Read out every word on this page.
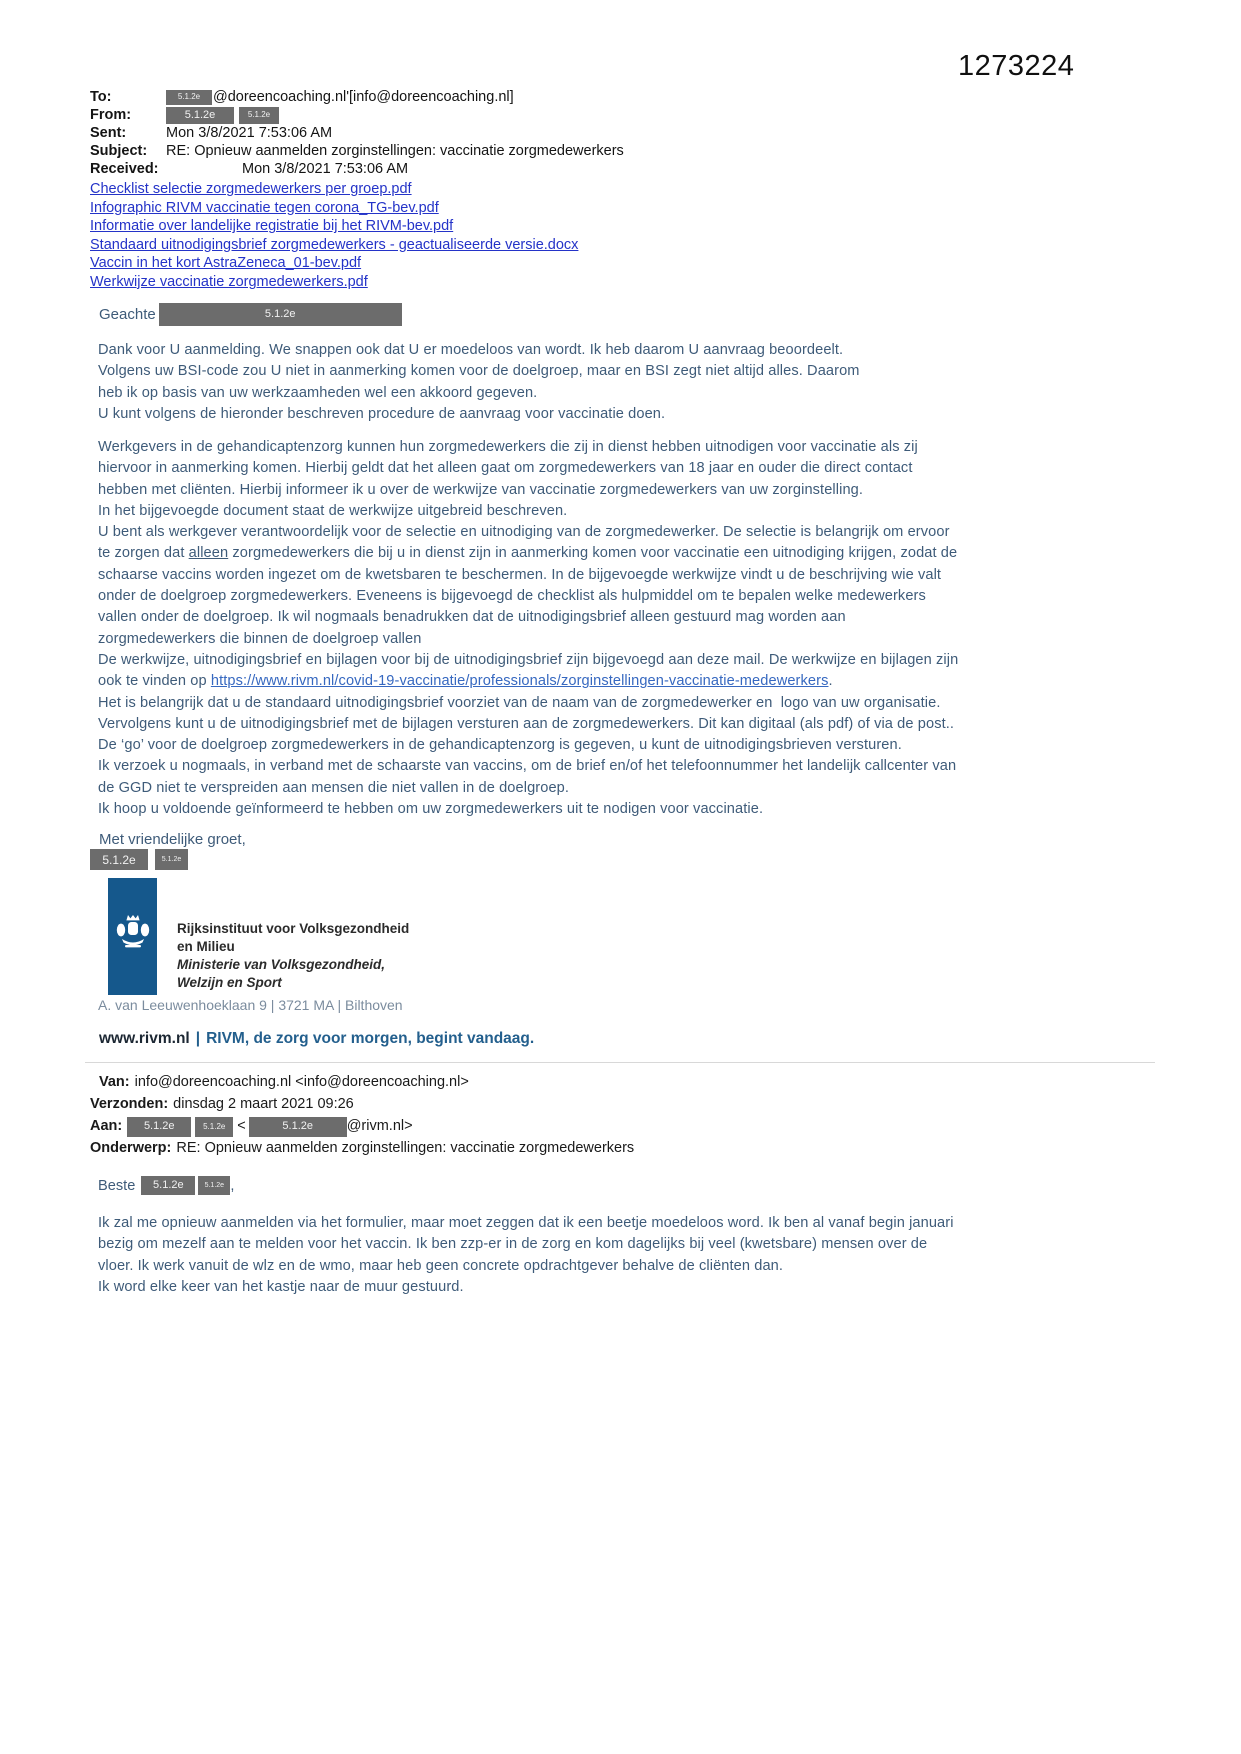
1273224
To:	5.1.2e @doreencoaching.nl'[info@doreencoaching.nl]
From:	5.1.2e	5.1.2e
Sent:	Mon 3/8/2021 7:53:06 AM
Subject:	RE: Opnieuw aanmelden zorginstellingen: vaccinatie zorgmedewerkers
Received:	Mon 3/8/2021 7:53:06 AM
Checklist selectie zorgmedewerkers per groep.pdf
Infographic RIVM vaccinatie tegen corona_TG-bev.pdf
Informatie over landelijke registratie bij het RIVM-bev.pdf
Standaard uitnodigingsbrief zorgmedewerkers - geactualiseerde versie.docx
Vaccin in het kort AstraZeneca_01-bev.pdf
Werkwijze vaccinatie zorgmedewerkers.pdf
Geachte	5.1.2e
Dank voor U aanmelding. We snappen ook dat U er moedeloos van wordt. Ik heb daarom U aanvraag beoordeelt.
Volgens uw BSI-code zou U niet in aanmerking komen voor de doelgroep, maar en BSI zegt niet altijd alles. Daarom
heb ik op basis van uw werkzaamheden wel een akkoord gegeven.
U kunt volgens de hieronder beschreven procedure de aanvraag voor vaccinatie doen.
Werkgevers in de gehandicaptenzorg kunnen hun zorgmedewerkers die zij in dienst hebben uitnodigen voor vaccinatie als zij
hiervoor in aanmerking komen. Hierbij geldt dat het alleen gaat om zorgmedewerkers van 18 jaar en ouder die direct contact
hebben met cliënten. Hierbij informeer ik u over de werkwijze van vaccinatie zorgmedewerkers van uw zorginstelling.
In het bijgevoegde document staat de werkwijze uitgebreid beschreven.
U bent als werkgever verantwoordelijk voor de selectie en uitnodiging van de zorgmedewerker. De selectie is belangrijk om ervoor
te zorgen dat alleen zorgmedewerkers die bij u in dienst zijn in aanmerking komen voor vaccinatie een uitnodiging krijgen, zodat de
schaarse vaccins worden ingezet om de kwetsbaren te beschermen. In de bijgevoegde werkwijze vindt u de beschrijving wie valt
onder de doelgroep zorgmedewerkers. Eveneens is bijgevoegd de checklist als hulpmiddel om te bepalen welke medewerkers
vallen onder de doelgroep. Ik wil nogmaals benadrukken dat de uitnodigingsbrief alleen gestuurd mag worden aan
zorgmedewerkers die binnen de doelgroep vallen
De werkwijze, uitnodigingsbrief en bijlagen voor bij de uitnodigingsbrief zijn bijgevoegd aan deze mail. De werkwijze en bijlagen zijn
ook te vinden op https://www.rivm.nl/covid-19-vaccinatie/professionals/zorginstellingen-vaccinatie-medewerkers.
Het is belangrijk dat u de standaard uitnodigingsbrief voorziet van de naam van de zorgmedewerker en  logo van uw organisatie.
Vervolgens kunt u de uitnodigingsbrief met de bijlagen versturen aan de zorgmedewerkers. Dit kan digitaal (als pdf) of via de post..
De ‘go’ voor de doelgroep zorgmedewerkers in de gehandicaptenzorg is gegeven, u kunt de uitnodigingsbrieven versturen.
Ik verzoek u nogmaals, in verband met de schaarste van vaccins, om de brief en/of het telefoonnummer het landelijk callcenter van
de GGD niet te verspreiden aan mensen die niet vallen in de doelgroep.
Ik hoop u voldoende geïnformeerd te hebben om uw zorgmedewerkers uit te nodigen voor vaccinatie.
Met vriendelijke groet,
5.1.2e	5.1.2e
Rijksinstituut voor Volksgezondheid
en Milieu
Ministerie van Volksgezondheid,
Welzijn en Sport
A. van Leeuwenhoeklaan 9 | 3721 MA | Bilthoven
www.rivm.nl | RIVM, de zorg voor morgen, begint vandaag.
Van: info@doreencoaching.nl <info@doreencoaching.nl>
Verzonden: dinsdag 2 maart 2021 09:26
Aan:	5.1.2e	5.1.2e <	5.1.2e	@rivm.nl>
Onderwerp: RE: Opnieuw aanmelden zorginstellingen: vaccinatie zorgmedewerkers
Beste	5.1.2e	5.1.2e ,
Ik zal me opnieuw aanmelden via het formulier, maar moet zeggen dat ik een beetje moedeloos word. Ik ben al vanaf begin januari
bezig om mezelf aan te melden voor het vaccin. Ik ben zzp-er in de zorg en kom dagelijks bij veel (kwetsbare) mensen over de
vloer. Ik werk vanuit de wlz en de wmo, maar heb geen concrete opdrachtgever behalve de cliënten dan.
Ik word elke keer van het kastje naar de muur gestuurd.
